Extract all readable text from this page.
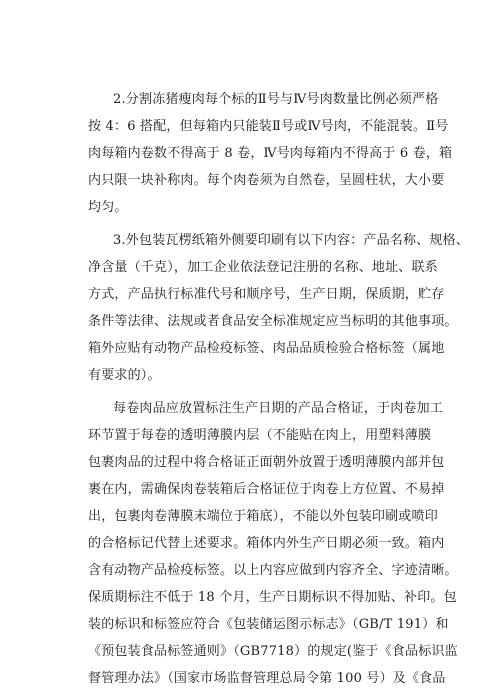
2.分割冻猪瘦肉每个标的Ⅱ号与Ⅳ号肉数量比例必须严格
按 4：6 搭配，但每箱内只能装Ⅱ号或Ⅳ号肉，不能混装。Ⅱ号
肉每箱内卷数不得高于 8 卷，Ⅳ号肉每箱内不得高于 6 卷，箱
内只限一块补称肉。每个肉卷须为自然卷，呈圆柱状，大小要
均匀。
3.外包装瓦楞纸箱外侧要印刷有以下内容：产品名称、规格、
净含量（千克），加工企业依法登记注册的名称、地址、联系
方式，产品执行标准代号和顺序号，生产日期，保质期，贮存
条件等法律、法规或者食品安全标准规定应当标明的其他事项。
箱外应贴有动物产品检疫标签、肉品品质检验合格标签（属地
有要求的）。
每卷肉品应放置标注生产日期的产品合格证，于肉卷加工
环节置于每卷的透明薄膜内层（不能贴在肉上，用塑料薄膜
包裹肉品的过程中将合格证正面朝外放置于透明薄膜内部并包
裹在内，需确保肉卷装箱后合格证位于肉卷上方位置、不易掉
出，包裹肉卷薄膜末端位于箱底），不能以外包装印刷或喷印
的合格标记代替上述要求。箱体内外生产日期必须一致。箱内
含有动物产品检疫标签。以上内容应做到内容齐全、字迹清晰。
保质期标注不低于 18 个月，生产日期标识不得加贴、补印。包
装的标识和标签应符合《包装储运图示标志》（GB/T 191）和
《预包装食品标签通则》（GB7718）的规定(鉴于《食品标识监
督管理办法》（国家市场监督管理总局令第 100 号）及《食品
